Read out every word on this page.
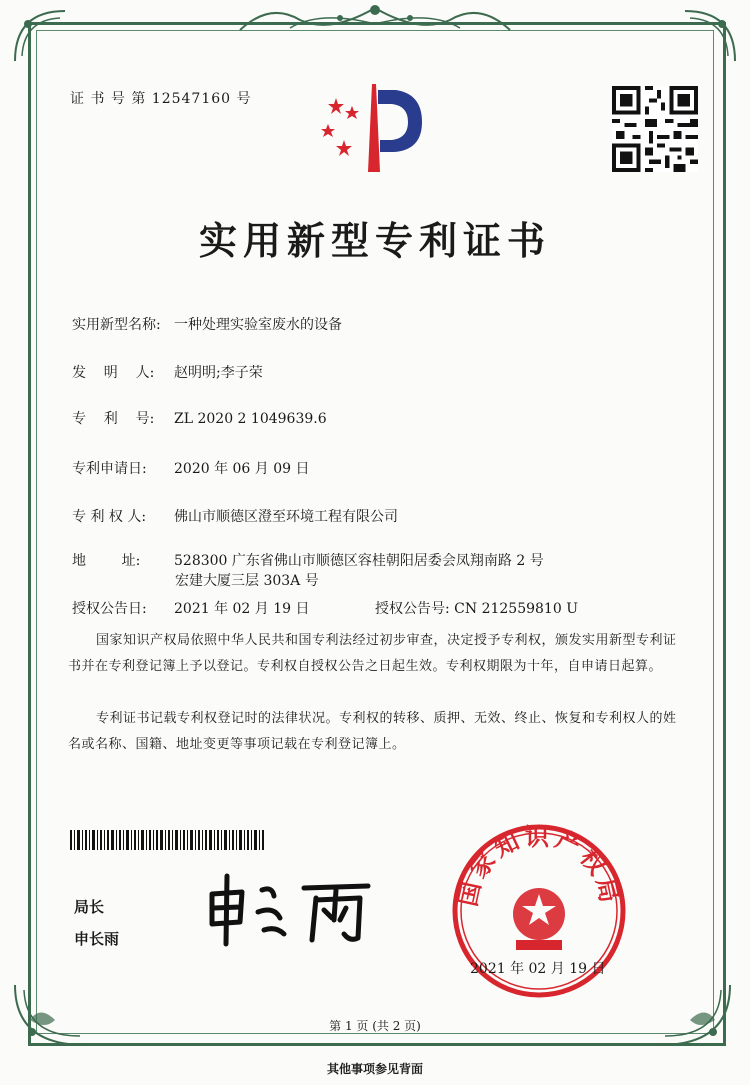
证 书 号 第 12547160 号
实用新型专利证书
实用新型名称: 一种处理实验室废水的设备
发    明    人: 赵明明;李子荣
专    利    号: ZL 2020 2 1049639.6
专利申请日: 2020 年 06 月 09 日
专 利 权 人: 佛山市顺德区澄至环境工程有限公司
地        址: 528300 广东省佛山市顺德区容桂朝阳居委会凤翔南路 2 号
宏建大厦三层 303A 号
授权公告日: 2021 年 02 月 19 日	授权公告号: CN 212559810 U
国家知识产权局依照中华人民共和国专利法经过初步审查，决定授予专利权，颁发实用新型专利证书并在专利登记簿上予以登记。专利权自授权公告之日起生效。专利权期限为十年，自申请日起算。
专利证书记载专利权登记时的法律状况。专利权的转移、质押、无效、终止、恢复和专利权人的姓名或名称、国籍、地址变更等事项记载在专利登记簿上。
局长
申长雨
国家知识产权局
2021 年 02 月 19 日
第 1 页 (共 2 页)
其他事项参见背面
